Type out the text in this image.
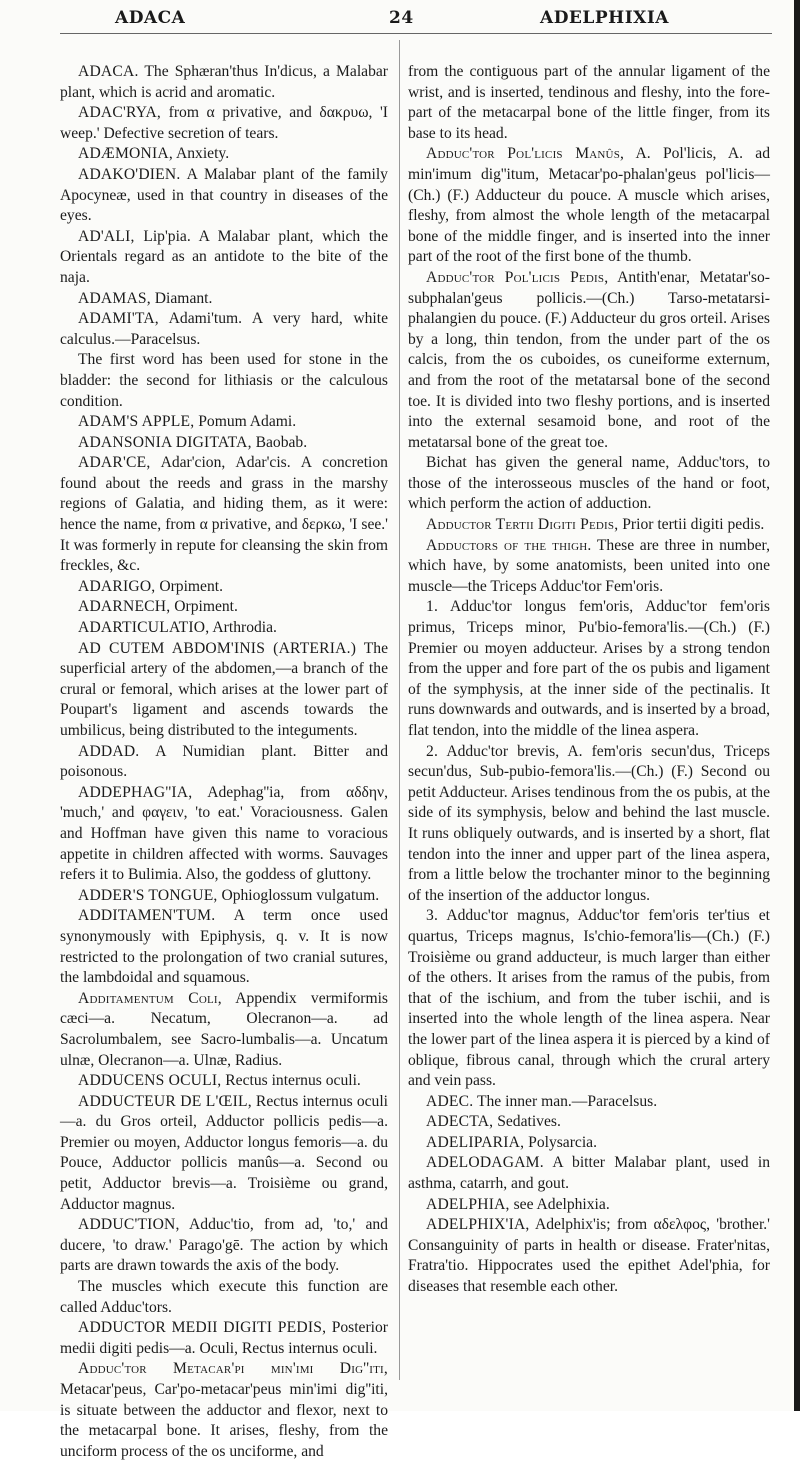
ADACA	24	ADELPHIXIA

ADACA. The Sphæran'thus In'dicus, a Malabar plant, which is acrid and aromatic.

ADAC'RYA, from α privative, and δακρυω, 'I weep.' Defective secretion of tears.

ADÆMONIA, Anxiety.

ADAKO'DIEN. A Malabar plant of the family Apocyneæ, used in that country in diseases of the eyes.

AD'ALI, Lip'pia. A Malabar plant, which the Orientals regard as an antidote to the bite of the naja.

ADAMAS, Diamant.

ADAMI'TA, Adami'tum. A very hard, white calculus.—Paracelsus.

The first word has been used for stone in the bladder: the second for lithiasis or the calculous condition.

ADAM'S APPLE, Pomum Adami.

ADANSONIA DIGITATA, Baobab.

ADAR'CE, Adar'cion, Adar'cis. A concretion found about the reeds and grass in the marshy regions of Galatia, and hiding them, as it were: hence the name, from α privative, and δερκω, 'I see.' It was formerly in repute for cleansing the skin from freckles, &c.

ADARIGO, Orpiment.

ADARNECH, Orpiment.

ADARTICULATIO, Arthrodia.

AD CUTEM ABDOM'INIS (ARTERIA.) The superficial artery of the abdomen,—a branch of the crural or femoral, which arises at the lower part of Poupart's ligament and ascends towards the umbilicus, being distributed to the integuments.

ADDAD. A Numidian plant. Bitter and poisonous.

ADDEPHAG''IA, Adephag''ia, from αδδην, 'much,' and φαγειν, 'to eat.' Voraciousness. Galen and Hoffman have given this name to voracious appetite in children affected with worms. Sauvages refers it to Bulimia. Also, the goddess of gluttony.

ADDER'S TONGUE, Ophioglossum vulgatum.

ADDITAMEN'TUM. A term once used synonymously with Epiphysis, q. v. It is now restricted to the prolongation of two cranial sutures, the lambdoidal and squamous.

Additamentum Coli, Appendix vermiformis cæci—a. Necatum, Olecranon—a. ad Sacrolumbalem, see Sacro-lumbalis—a. Uncatum ulnæ, Olecranon—a. Ulnæ, Radius.

ADDUCENS OCULI, Rectus internus oculi.

ADDUCTEUR DE L'ŒIL, Rectus internus oculi—a. du Gros orteil, Adductor pollicis pedis—a. Premier ou moyen, Adductor longus femoris—a. du Pouce, Adductor pollicis manûs—a. Second ou petit, Adductor brevis—a. Troisième ou grand, Adductor magnus.

ADDUC'TION, Adduc'tio, from ad, 'to,' and ducere, 'to draw.' Parago'gē. The action by which parts are drawn towards the axis of the body.

The muscles which execute this function are called Adduc'tors.

ADDUCTOR MEDII DIGITI PEDIS, Posterior medii digiti pedis—a. Oculi, Rectus internus oculi.

Adduc'tor Metacar'pi min'imi Dig''iti, Metacar'peus, Car'po-metacar'peus min'imi dig''iti, is situate between the adductor and flexor, next to the metacarpal bone. It arises, fleshy, from the unciform process of the os unciforme, and

from the contiguous part of the annular ligament of the wrist, and is inserted, tendinous and fleshy, into the fore-part of the metacarpal bone of the little finger, from its base to its head.

Adduc'tor Pol'licis Manûs, A. Pol'licis, A. ad min'imum dig''itum, Metacar'po-phalan'geus pol'licis—(Ch.) (F.) Adducteur du pouce. A muscle which arises, fleshy, from almost the whole length of the metacarpal bone of the middle finger, and is inserted into the inner part of the root of the first bone of the thumb.

Adduc'tor Pol'licis Pedis, Antith'enar, Metatar'so-subphalan'geus pollicis.—(Ch.) Tarso-metatarsi-phalangien du pouce. (F.) Adducteur du gros orteil. Arises by a long, thin tendon, from the under part of the os calcis, from the os cuboides, os cuneiforme externum, and from the root of the metatarsal bone of the second toe. It is divided into two fleshy portions, and is inserted into the external sesamoid bone, and root of the metatarsal bone of the great toe.

Bichat has given the general name, Adduc'tors, to those of the interosseous muscles of the hand or foot, which perform the action of adduction.

Adductor Tertii Digiti Pedis, Prior tertii digiti pedis.

Adductors of the thigh. These are three in number, which have, by some anatomists, been united into one muscle—the Triceps Adduc'tor Fem'oris.

1. Adduc'tor longus fem'oris, Adduc'tor fem'oris primus, Triceps minor, Pu'bio-femora'lis.—(Ch.) (F.) Premier ou moyen adducteur. Arises by a strong tendon from the upper and fore part of the os pubis and ligament of the symphysis, at the inner side of the pectinalis. It runs downwards and outwards, and is inserted by a broad, flat tendon, into the middle of the linea aspera.

2. Adduc'tor brevis, A. fem'oris secun'dus, Triceps secun'dus, Sub-pubio-femora'lis.—(Ch.) (F.) Second ou petit Adducteur. Arises tendinous from the os pubis, at the side of its symphysis, below and behind the last muscle. It runs obliquely outwards, and is inserted by a short, flat tendon into the inner and upper part of the linea aspera, from a little below the trochanter minor to the beginning of the insertion of the adductor longus.

3. Adduc'tor magnus, Adduc'tor fem'oris ter'tius et quartus, Triceps magnus, Is'chio-femora'lis—(Ch.) (F.) Troisième ou grand adducteur, is much larger than either of the others. It arises from the ramus of the pubis, from that of the ischium, and from the tuber ischii, and is inserted into the whole length of the linea aspera. Near the lower part of the linea aspera it is pierced by a kind of oblique, fibrous canal, through which the crural artery and vein pass.

ADEC. The inner man.—Paracelsus.

ADECTA, Sedatives.

ADELIPARIA, Polysarcia.

ADELODAGAM. A bitter Malabar plant, used in asthma, catarrh, and gout.

ADELPHIA, see Adelphixia.

ADELPHIX'IA, Adelphix'is; from αδελφος, 'brother.' Consanguinity of parts in health or disease. Frater'nitas, Fratra'tio. Hippocrates used the epithet Adel'phia, for diseases that resemble each other.
